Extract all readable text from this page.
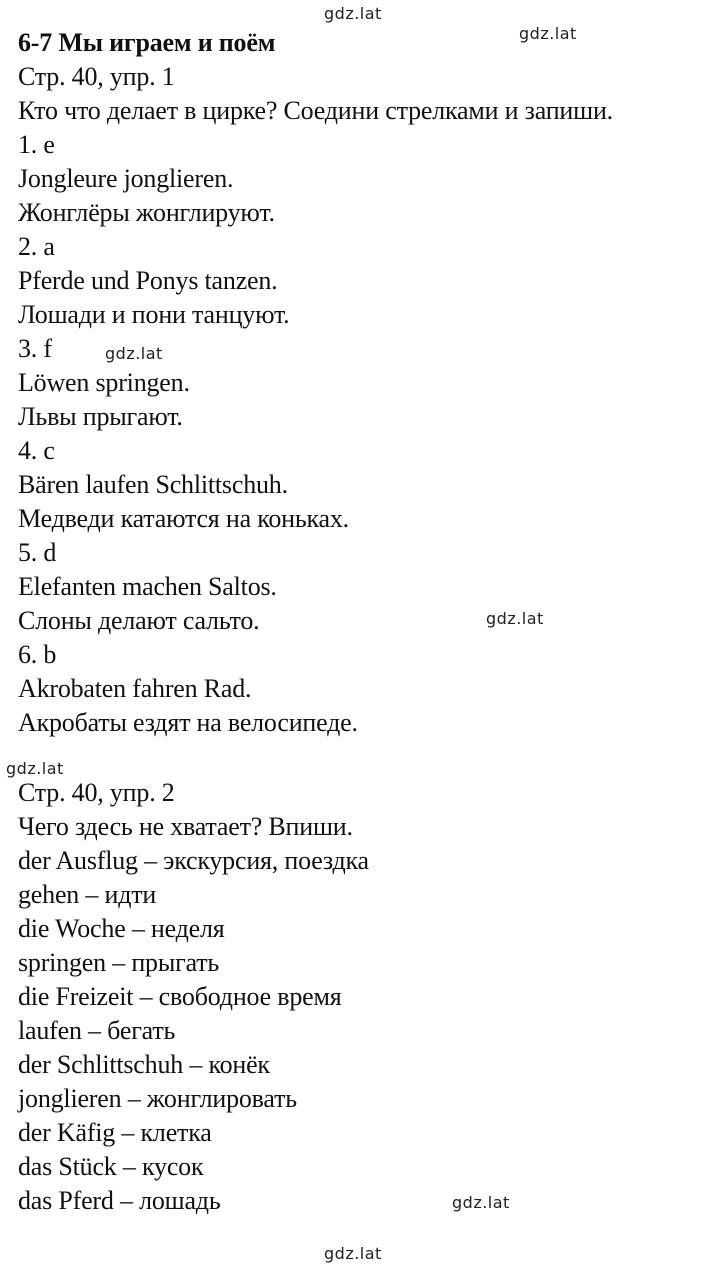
gdz.lat
gdz.lat
gdz.lat
gdz.lat
gdz.lat
gdz.lat
gdz.lat
6-7 Мы играем и поём
Стр. 40, упр. 1
Кто что делает в цирке? Соедини стрелками и запиши.
1. e
Jongleure jonglieren.
Жонглёры жонглируют.
2. a
Pferde und Ponys tanzen.
Лошади и пони танцуют.
3. f
Löwen springen.
Львы прыгают.
4. c
Bären laufen Schlittschuh.
Медведи катаются на коньках.
5. d
Elefanten machen Saltos.
Слоны делают сальто.
6. b
Akrobaten fahren Rad.
Акробаты ездят на велосипеде.
Стр. 40, упр. 2
Чего здесь не хватает? Впиши.
der Ausflug – экскурсия, поездка
gehen – идти
die Woche – неделя
springen – прыгать
die Freizeit – свободное время
laufen – бегать
der Schlittschuh – конёк
jonglieren – жонглировать
der Käfig – клетка
das Stück – кусок
das Pferd – лошадь
